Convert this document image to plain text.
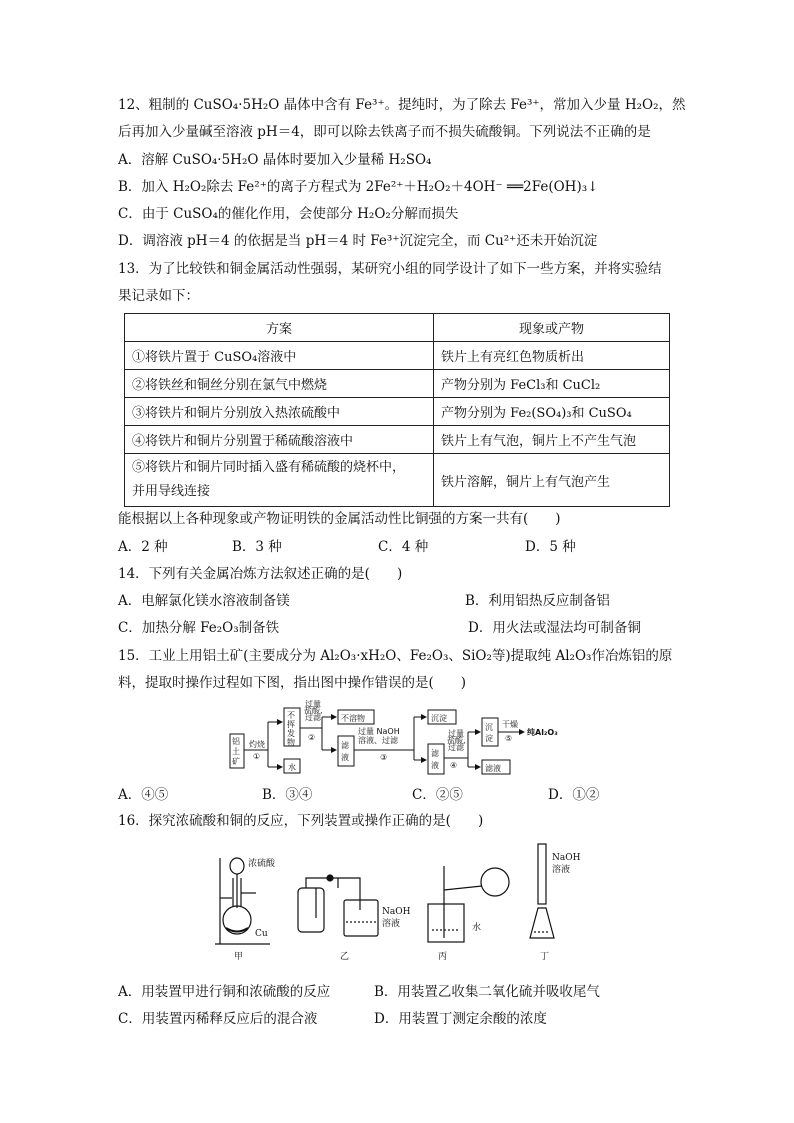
12、粗制的 CuSO₄·5H₂O 晶体中含有 Fe³⁺。提纯时，为了除去 Fe³⁺，常加入少量 H₂O₂，然
后再加入少量碱至溶液 pH＝4，即可以除去铁离子而不损失硫酸铜。下列说法不正确的是
A．溶解 CuSO₄·5H₂O 晶体时要加入少量稀 H₂SO₄
B．加入 H₂O₂除去 Fe²⁺的离子方程式为 2Fe²⁺＋H₂O₂＋4OH⁻ ══2Fe(OH)₃↓
C．由于 CuSO₄的催化作用，会使部分 H₂O₂分解而损失
D．调溶液 pH＝4 的依据是当 pH＝4 时 Fe³⁺沉淀完全，而 Cu²⁺还未开始沉淀
13．为了比较铁和铜金属活动性强弱，某研究小组的同学设计了如下一些方案，并将实验结
果记录如下：
方案	现象或产物
①将铁片置于 CuSO₄溶液中	铁片上有亮红色物质析出
②将铁丝和铜丝分别在氯气中燃烧	产物分别为 FeCl₃和 CuCl₂
③将铁片和铜片分别放入热浓硫酸中	产物分别为 Fe₂(SO₄)₃和 CuSO₄
④将铁片和铜片分别置于稀硫酸溶液中	铁片上有气泡，铜片上不产生气泡

⑤将铁片和铜片同时插入盛有稀硫酸的烧杯中，
并用导线连接	铁片溶解，铜片上有气泡产生
能根据以上各种现象或产物证明铁的金属活动性比铜强的方案一共有(　　)
A．2 种	B．3 种	C．4 种	D．5 种
14．下列有关金属冶炼方法叙述正确的是(　　)
A．电解氯化镁水溶液制备镁	B．利用铝热反应制备铝
C．加热分解 Fe₂O₃制备铁	D．用火法或湿法均可制备铜
15．工业上用铝土矿(主要成分为 Al₂O₃·xH₂O、Fe₂O₃、SiO₂等)提取纯 Al₂O₃作冶炼铝的原
料，提取时操作过程如下图，指出图中操作错误的是(　　)
铝
土
矿
灼烧
①
不
挥
发
物
水
过量
盐酸,
过滤
②
不溶物
滤
液
过量 NaOH
溶液、过滤
③
沉淀
滤
液
过量
盐酸,
过滤
④
沉
淀
滤液
干燥
⑤
纯Al₂O₃
A．④⑤	B．③④	C．②⑤	D．①②
16．探究浓硫酸和铜的反应，下列装置或操作正确的是(　　)
浓硫酸
Cu
NaOH
溶液	水
NaOH
溶液
甲	乙	丙	丁
A．用装置甲进行铜和浓硫酸的反应	B．用装置乙收集二氧化硫并吸收尾气
C．用装置丙稀释反应后的混合液	D．用装置丁测定余酸的浓度
